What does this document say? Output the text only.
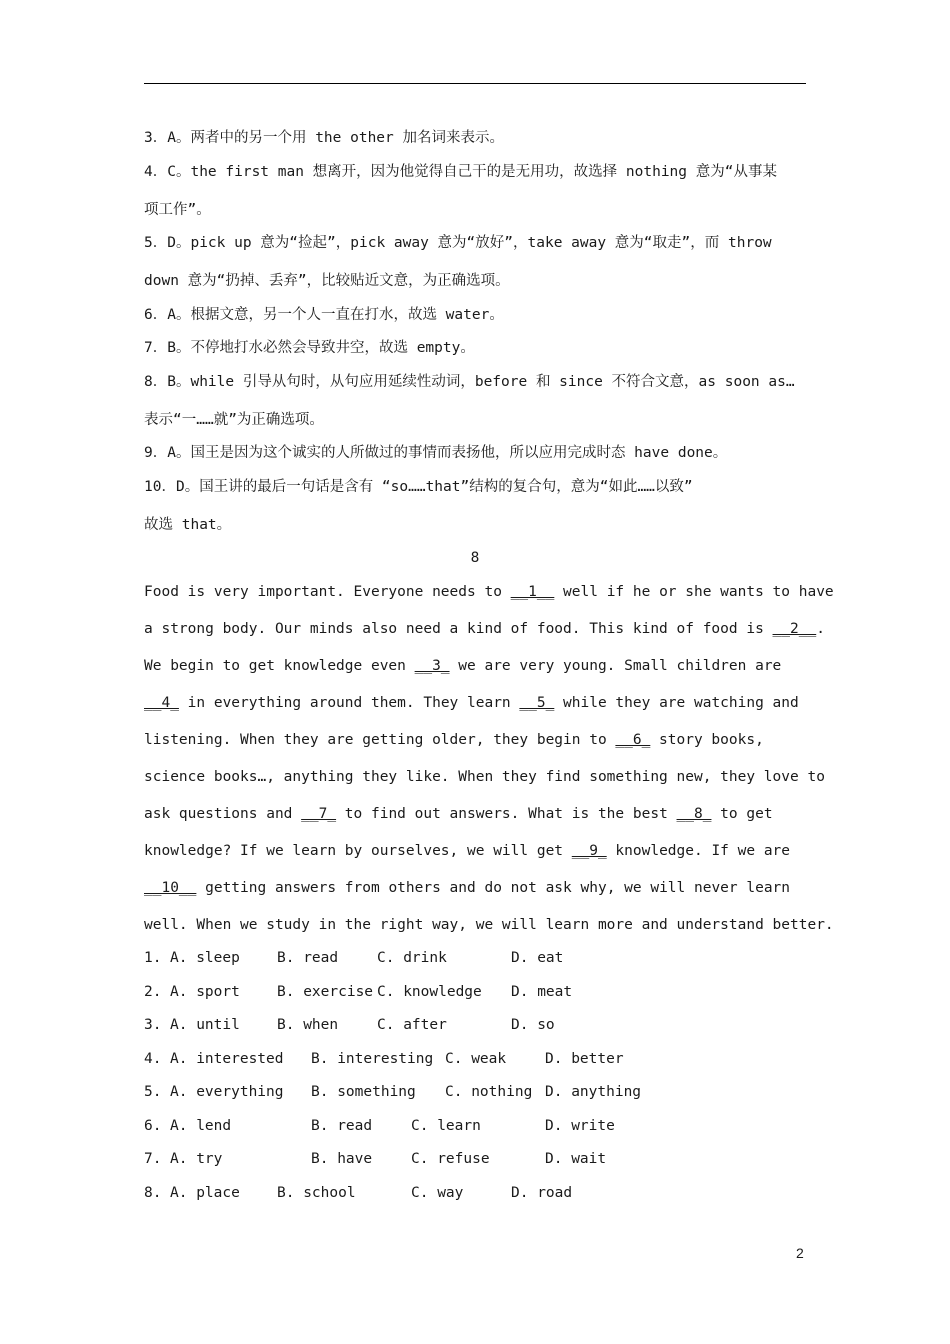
3．A。两者中的另一个用 the other 加名词来表示。
4．C。the first man 想离开，因为他觉得自己干的是无用功，故选择 nothing 意为“从事某
项工作”。
5．D。pick up 意为“捡起”，pick away 意为“放好”，take away 意为“取走”，而 throw
down 意为“扔掉、丢弃”，比较贴近文意，为正确选项。
6．A。根据文意，另一个人一直在打水，故选 water。
7．B。不停地打水必然会导致井空，故选 empty。
8．B。while 引导从句时，从句应用延续性动词，before 和 since 不符合文意，as soon as…
表示“一……就”为正确选项。
9．A。国王是因为这个诚实的人所做过的事情而表扬他，所以应用完成时态 have done。
10．D。国王讲的最后一句话是含有 “so……that”结构的复合句，意为“如此……以致”
故选 that。
8
Food is very important. Everyone needs to __1__ well if he or she wants to have
a strong body. Our minds also need a kind of food. This kind of food is __2__.
We begin to get knowledge even __3_ we are very young. Small children are
__4_ in everything around them. They learn __5_ while they are watching and
listening. When they are getting older, they begin to __6_ story books,
science books…, anything they like. When they find something new, they love to
ask questions and __7_ to find out answers. What is the best __8_ to get
knowledge? If we learn by ourselves, we will get __9_ knowledge. If we are
__10__ getting answers from others and do not ask why, we will never learn
well. When we study in the right way, we will learn more and understand better.
1. A. sleep	B. read	C. drink	D. eat
2. A. sport	B. exercise C. knowledge D. meat
3. A. until	B. when	C. after	D. so
4. A. interested B. interesting C. weak	D. better
5. A. everything B. something C. nothing D. anything
6. A. lend	B. read	C. learn	D. write
7. A. try	B. have	C. refuse	D. wait
8. A. place	B. school	C. way	D. road
2
